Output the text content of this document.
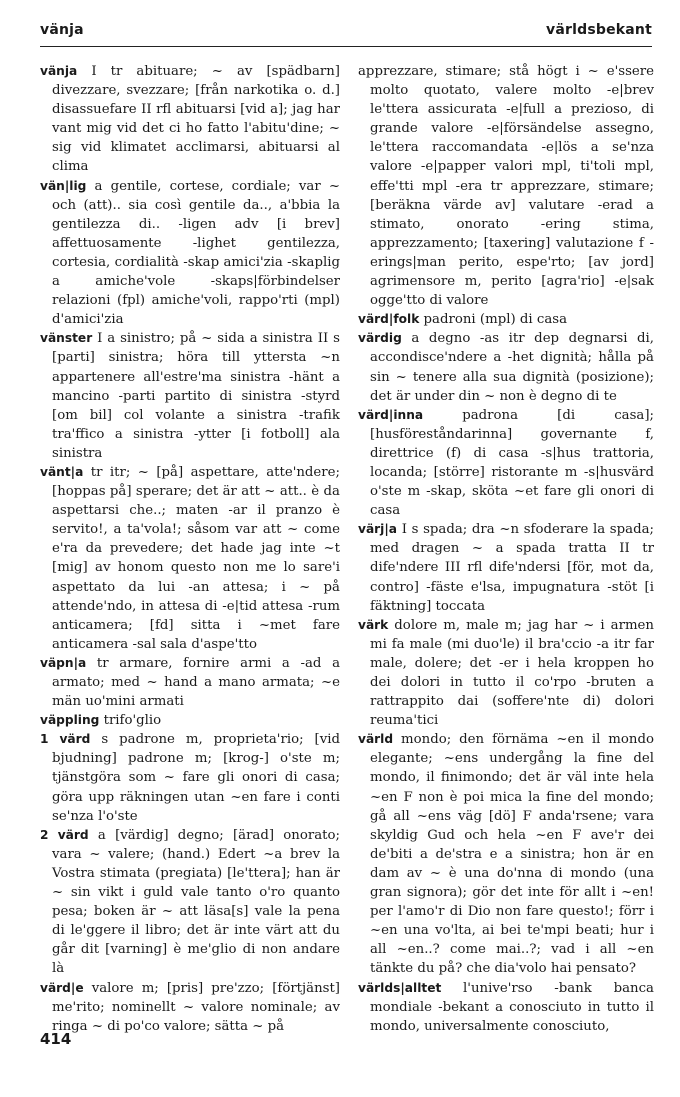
vänja	världsbekant

vänja I tr abituare; ~ av [spädbarn] divezzare, svezzare; [från narkotika o. d.] disassuefare II rfl abituarsi [vid a]; jag har vant mig vid det ci ho fatto l'abitu'dine; ~ sig vid klimatet acclimarsi, abituarsi al clima

vän|lig a gentile, cortese, cordiale; var ~ och (att).. sia così gentile da.., a'bbia la gentilezza di.. -ligen adv [i brev] affettuosamente -lighet gentilezza, cortesia, cordialità -skap amici'zia -skaplig a amiche'vole -skaps|förbindelser relazioni (fpl) amiche'voli, rappo'rti (mpl) d'amici'zia

vänster I a sinistro; på ~ sida a sinistra II s [parti] sinistra; höra till yttersta ~n appartenere all'estre'ma sinistra -hänt a mancino -parti partito di sinistra -styrd [om bil] col volante a sinistra -trafik tra'ffico a sinistra -ytter [i fotboll] ala sinistra

vänt|a tr itr; ~ [på] aspettare, atte'ndere; [hoppas på] sperare; det är att ~ att.. è da aspettarsi che..; maten -ar il pranzo è servito!, a ta'vola!; såsom var att ~ come e'ra da prevedere; det hade jag inte ~t [mig] av honom questo non me lo sare'i aspettato da lui -an attesa; i ~ på attende'ndo, in attesa di -e|tid attesa -rum anticamera; [fd] sitta i ~met fare anticamera -sal sala d'aspe'tto

väpn|a tr armare, fornire armi a -ad a armato; med ~ hand a mano armata; ~e män uo'mini armati

väppling trifo'glio

1 värd s padrone m, proprieta'rio; [vid bjudning] padrone m; [krog-] o'ste m; tjänstgöra som ~ fare gli onori di casa; göra upp räkningen utan ~en fare i conti se'nza l'o'ste

2 värd a [värdig] degno; [ärad] onorato; vara ~ valere; (hand.) Edert ~a brev la Vostra stimata (pregiata) [le'ttera]; han är ~ sin vikt i guld vale tanto o'ro quanto pesa; boken är ~ att läsa[s] vale la pena di le'ggere il libro; det är inte värt att du går dit [varning] è me'glio di non andare là

värd|e valore m; [pris] pre'zzo; [förtjänst] me'rito; nominellt ~ valore nominale; av ringa ~ di po'co valore; sätta ~ på

apprezzare, stimare; stå högt i ~ e'ssere molto quotato, valere molto -e|brev le'ttera assicurata -e|full a prezioso, di grande valore -e|försändelse assegno, le'ttera raccomandata -e|lös a se'nza valore -e|papper valori mpl, ti'toli mpl, effe'tti mpl -era tr apprezzare, stimare; [beräkna värde av] valutare -erad a stimato, onorato -ering stima, apprezzamento; [taxering] valutazione f -erings|man perito, espe'rto; [av jord] agrimensore m, perito [agra'rio] -e|sak ogge'tto di valore

värd|folk padroni (mpl) di casa

värdig a degno -as itr dep degnarsi di, accondisce'ndere a -het dignità; hålla på sin ~ tenere alla sua dignità (posizione); det är under din ~ non è degno di te

värd|inna	padrona [di casa]; [husföreståndarinna] governante f, direttrice (f) di casa -s|hus trattoria, locanda; [större] ristorante m -s|husvärd o'ste m -skap, sköta ~et fare gli onori di casa

värj|a I s spada; dra ~n sfoderare la spada; med dragen ~ a spada tratta II tr dife'ndere III rfl dife'ndersi [för, mot da, contro] -fäste e'lsa, impugnatura -stöt [i fäktning] toccata

värk dolore m, male m; jag har ~ i armen mi fa male (mi duo'le) il bra'ccio -a itr far male, dolere; det -er i hela kroppen ho dei dolori in tutto il co'rpo -bruten a rattrappito dai (soffere'nte di) dolori reuma'tici

värld mondo; den förnäma ~en il mondo elegante; ~ens undergång la fine del mondo, il finimondo; det är väl inte hela ~en F non è poi mica la fine del mondo; gå all ~ens väg [dö] F anda'rsene; vara skyldig Gud och hela ~en F ave'r dei de'biti a de'stra e a sinistra; hon är en dam av ~ è una do'nna di mondo (una gran signora); gör det inte för allt i ~en! per l'amo'r di Dio non fare questo!; förr i ~en una vo'lta, ai bei te'mpi beati; hur i all ~en..? come mai..?; vad i all ~en tänkte du på? che dia'volo hai pensato?

världs|alltet l'unive'rso -bank banca mondiale -bekant a conosciuto in tutto il mondo, universalmente conosciuto,

414
